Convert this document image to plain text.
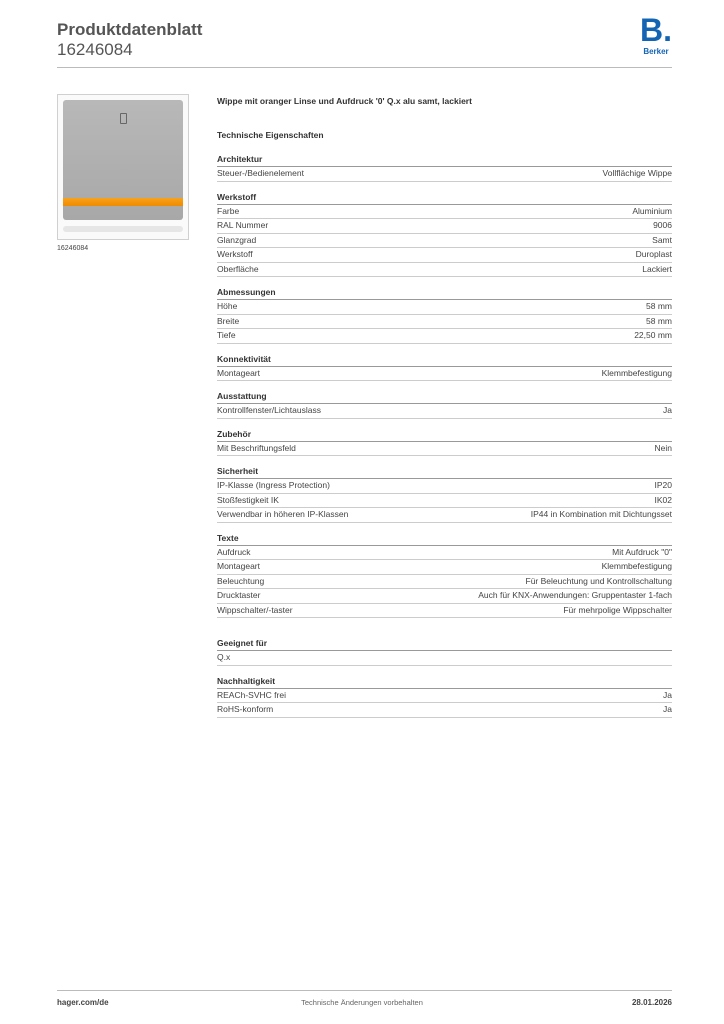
Produktdatenblatt
16246084
B.
Berker
16246084
Wippe mit oranger Linse und Aufdruck '0' Q.x alu samt, lackiert
Technische Eigenschaften
Architektur
Steuer-/Bedienelement	Vollflächige Wippe
Werkstoff
Farbe	Aluminium
RAL Nummer	9006
Glanzgrad	Samt
Werkstoff	Duroplast
Oberfläche	Lackiert
Abmessungen
Höhe	58 mm
Breite	58 mm
Tiefe	22,50 mm
Konnektivität
Montageart	Klemmbefestigung
Ausstattung
Kontrollfenster/Lichtauslass	Ja
Zubehör
Mit Beschriftungsfeld	Nein
Sicherheit
IP-Klasse (Ingress Protection)	IP20
Stoßfestigkeit IK	IK02
Verwendbar in höheren IP-Klassen	IP44 in Kombination mit Dichtungsset
Texte
Aufdruck	Mit Aufdruck "0"
Montageart	Klemmbefestigung
Beleuchtung	Für Beleuchtung und Kontrollschaltung
Drucktaster	Auch für KNX-Anwendungen: Gruppentaster 1-fach
Wippschalter/-taster	Für mehrpolige Wippschalter
Geeignet für
Q.x
Nachhaltigkeit
REACh-SVHC frei	Ja
RoHS-konform	Ja
hager.com/de	Technische Änderungen vorbehalten	28.01.2026
